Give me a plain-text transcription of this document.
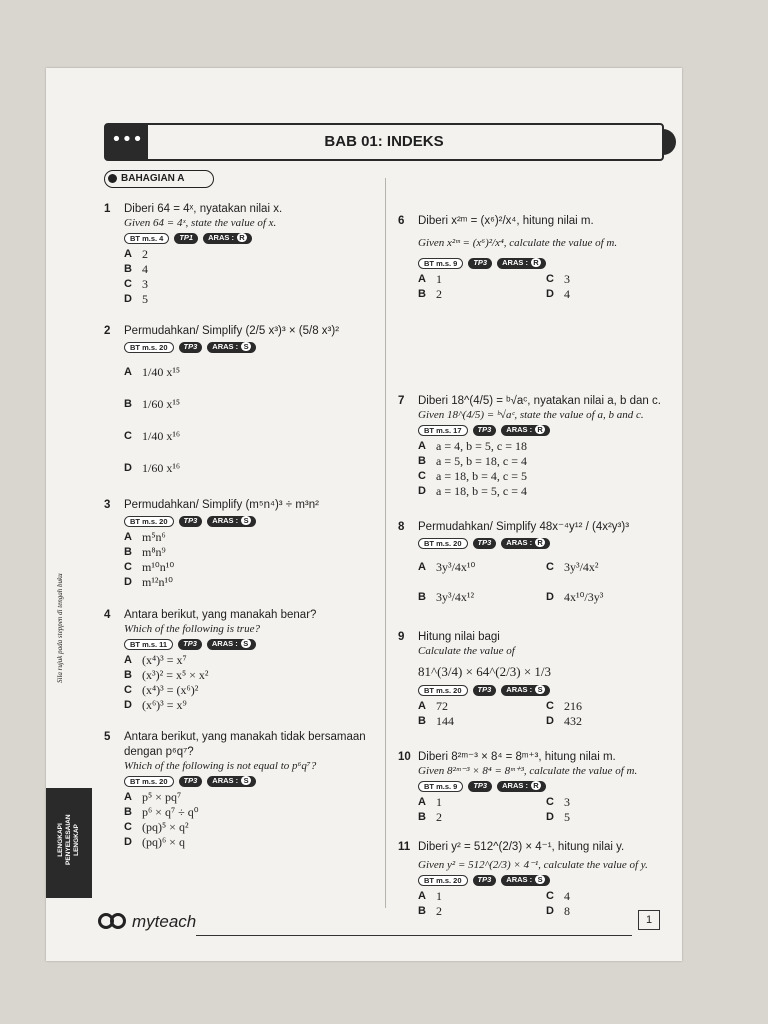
•••	BAB 01: INDEKS
BAHAGIAN A
1	Diberi 64 = 4ˣ, nyatakan nilai x.
Given 64 = 4ˣ, state the value of x.
BT m.s. 4	TP1	ARAS : R
A 2
B 4
C 3
D 5
2	Permudahkan/ Simplify (2/5 x³)³ × (5/8 x³)²
BT m.s. 20	TP3	ARAS : S
A 1/40 x¹⁵
B 1/60 x¹⁵
C 1/40 x¹⁶
D 1/60 x¹⁶
3	Permudahkan/ Simplify (m⁵n⁴)³ ÷ m³n²
BT m.s. 20	TP3	ARAS : S
A m⁵n⁶
B m⁸n⁹
C m¹⁰n¹⁰
D m¹²n¹⁰
4	Antara berikut, yang manakah benar?
Which of the following is true?
BT m.s. 11	TP3	ARAS : S
A (x⁴)³ = x⁷
B (x³)² = x⁵ × x²
C (x⁴)³ = (x⁶)²
D (x⁶)³ = x⁹
5	Antara berikut, yang manakah tidak bersamaan dengan p⁶q⁷?
Which of the following is not equal to p⁶q⁷?
BT m.s. 20	TP3	ARAS : S
A p⁵ × pq⁷
B p⁶ × q⁷ ÷ q⁰
C (pq)⁵ × q²
D (pq)⁶ × q
6	Diberi x²ᵐ = (x⁶)²/x⁴, hitung nilai m.
Given x²ᵐ = (x⁶)²/x⁴, calculate the value of m.
BT m.s. 9	TP3	ARAS : R
A 1	C 3
B 2	D 4
7	Diberi 18^(4/5) = ᵇ√aᶜ, nyatakan nilai a, b dan c.
Given 18^(4/5) = ᵇ√aᶜ, state the value of a, b and c.
BT m.s. 17	TP3	ARAS : R
A a = 4, b = 5, c = 18
B a = 5, b = 18, c = 4
C a = 18, b = 4, c = 5
D a = 18, b = 5, c = 4
8	Permudahkan/ Simplify 48x⁻⁴y¹² / (4x²y³)³
BT m.s. 20	TP3	ARAS : R
A 3y³/4x¹⁰	C 3y³/4x²
B 3y³/4x¹²	D 4x¹⁰/3y³
9	Hitung nilai bagi
Calculate the value of
81^(3/4) × 64^(2/3) × 1/3
BT m.s. 20	TP3	ARAS : S
A 72	C 216
B 144	D 432
10 Diberi 8²ᵐ⁻³ × 8⁴ = 8ᵐ⁺³, hitung nilai m.
Given 8²ᵐ⁻³ × 8⁴ = 8ᵐ⁺³, calculate the value of m.
BT m.s. 9	TP3	ARAS : R
A 1	C 3
B 2	D 5
11 Diberi y² = 512^(2/3) × 4⁻¹, hitung nilai y.
Given y² = 512^(2/3) × 4⁻¹, calculate the value of y.
BT m.s. 20	TP3	ARAS : S
A 1	C 4
B 2	D 8
LENGKAPI PENYELESAIAN LENGKAP
Sila rujuk pada steppen di tengah buku
myteach	1
